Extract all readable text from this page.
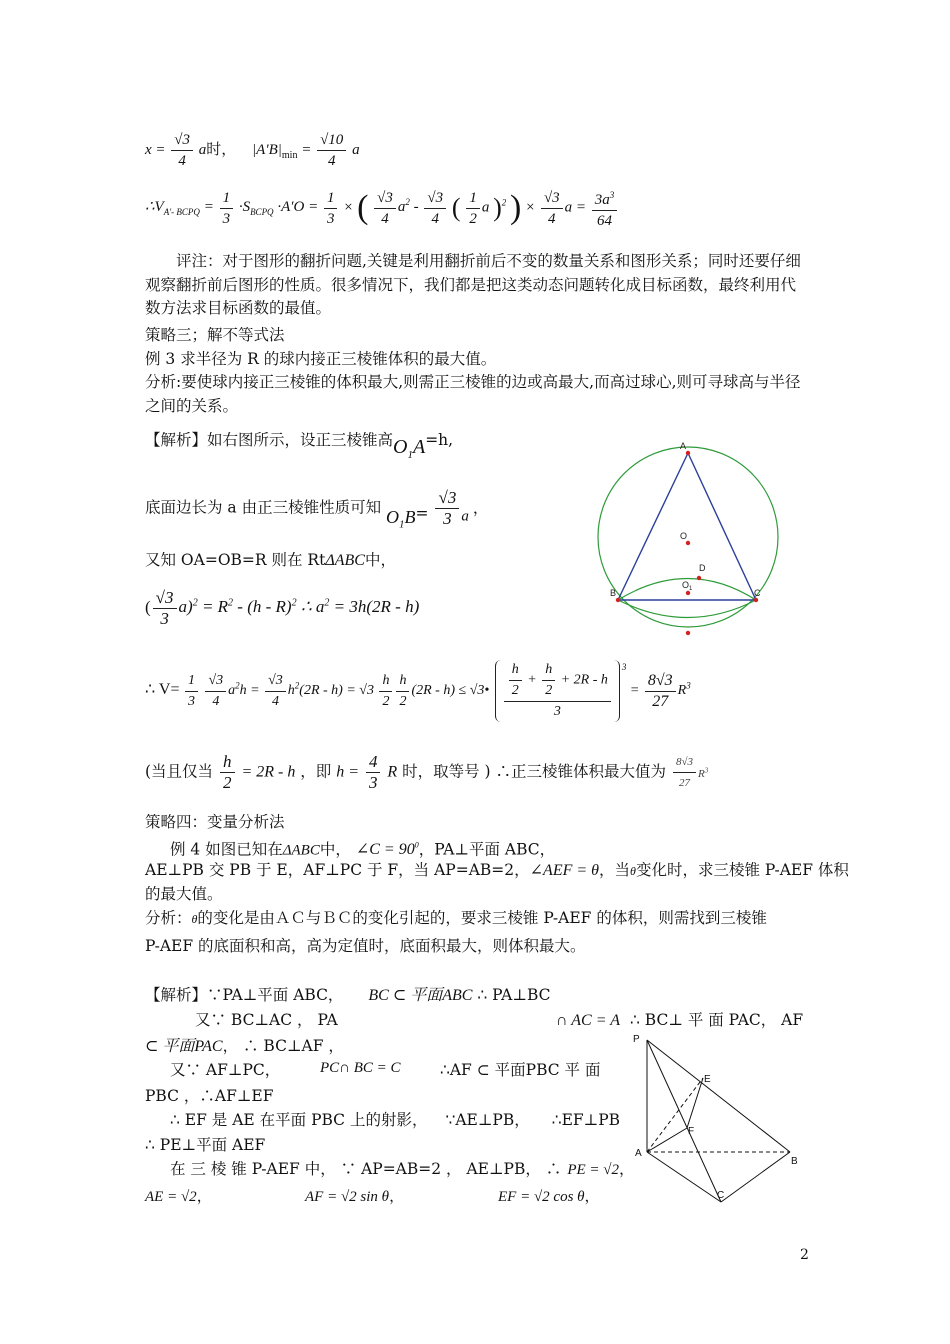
$x = \frac{√3}{4}$ a时， $|A'B|_{min} = \frac{√10}{4}$ a
$\therefore V_{A'- BCPQ} = \frac{1}{3} \cdot S_{BCPQ} \cdot A'O = \frac{1}{3}$ × ( $\frac{√3}{4} a^2 - \frac{√3}{4}$ ( $\frac{1}{2}$ a )$^2$ ) × $\frac{√3}{4}$ $a = \frac{3a^3}{64}$
评注：对于图形的翻折问题,关键是利用翻折前后不变的数量关系和图形关系；同时还要仔细观察翻折前后图形的性质。很多情况下，我们都是把这类动态问题转化成目标函数，最终利用代数方法求目标函数的最值。
策略三；解不等式法
例 3 求半径为 R 的球内接正三棱锥体积的最大值。
分析:要使球内接正三棱锥的体积最大,则需正三棱锥的边或高最大,而高过球心,则可寻球高与半径之间的关系。
【解析】如右图所示，设正三棱锥高$O_1A=h$,
底面边长为 a 由正三棱锥性质可知 $O_1B= \frac{√3}{3}$ a ，
又知 OA=OB=R 则在 RtΔABC中，
( $\frac{√3}{3} a)^2 = R^2 - (h - R)^2$ ∴ $a^2 = 3h(2R - h)$
∴ $V= \frac{1}{3}$
$\frac{√3}{4} a^2h = \frac{√3}{4} h^2(2R - h) = √3 \frac{h}{2} \frac{h}{2} (2R - h)$ ≤ √3• $\frac{\frac{h}{2} + \frac{h}{2} + 2R - h}{3} ^3 = \frac{8√3}{27} R^3$
(当且仅当 $\frac{h}{2} = 2R - h$ ，即 $h = \frac{4}{3}$ R 时，取等号 ) ∴正三棱锥体积最大值为 $\frac{8√3}{27} R^3$
策略四：变量分析法
例 4 如图已知在ΔABC中， ∠C = $90^0$，PA⊥平面 ABC，
AE⊥PB 交 PB 于 E，AF⊥PC 于 F，当 AP=AB=2，∠AEF = θ，当θ变化时，求三棱锥 P-AEF 体积
的最大值。
分析：θ的变化是由ＡＣ与ＢＣ的变化引起的，要求三棱锥 P-AEF 的体积，则需找到三棱锥
P-AEF 的底面积和高，高为定值时，底面积最大，则体积最大。
【解析】∵PA⊥平面 ABC， BC ⊂ 平面ABC ∴ PA⊥BC
又∵ BC⊥AC ， PA	∩ AC = A ∴ BC⊥ 平 面 PAC， AF
⊂ 平面PAC， ∴ BC⊥AF ，
又∵ AF⊥PC，	PC∩ BC = C	∴AF ⊂ 平面PBC 平 面
PBC ，∴AF⊥EF
∴ EF 是 AE 在平面 PBC 上的射影， ∵AE⊥PB， ∴EF⊥PB
∴ PE⊥平面 AEF
在 三 棱 锥 P-AEF 中， ∵ AP=AB=2 ， AE⊥PB， ∴ PE = √2，
AE = √2，	AF = √2 sin θ，	EF = √2 cos θ，
2
A
O
D
$O_1$
B	C
P
E
F
A
B
C
